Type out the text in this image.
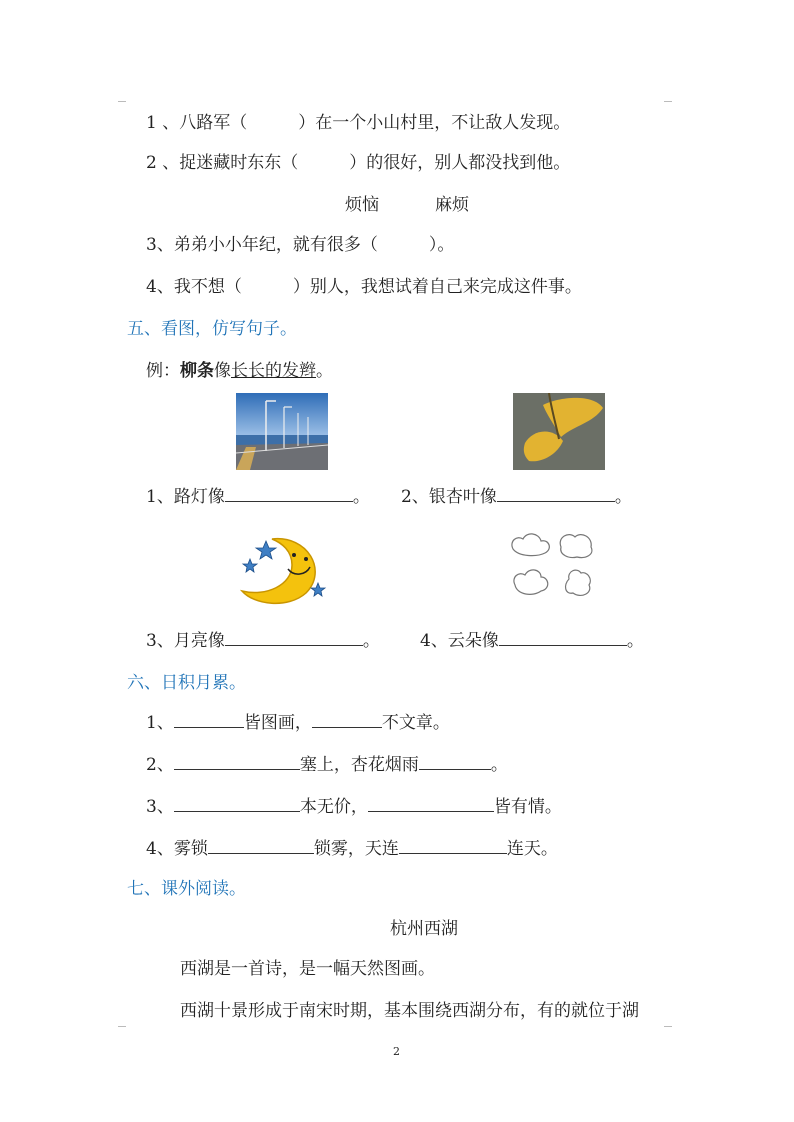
1 、八路军（　　　）在一个小山村里，不让敌人发现。
2 、捉迷藏时东东（　　　）的很好，别人都没找到他。
烦恼	麻烦
3、弟弟小小年纪，就有很多（　　　）。
4、我不想（　　　）别人，我想试着自己来完成这件事。
五、看图，仿写句子。
例：柳条像长长的发辫。
1、路灯像	。 2、银杏叶像	。
3、月亮像	。 4、云朵像	。
六、日积月累。
1、	皆图画，	不文章。
2、	塞上，杏花烟雨	。
3、	本无价，	皆有情。
4、雾锁	锁雾，天连	连天。
七、课外阅读。
杭州西湖
西湖是一首诗，是一幅天然图画。
西湖十景形成于南宋时期，基本围绕西湖分布，有的就位于湖
2
